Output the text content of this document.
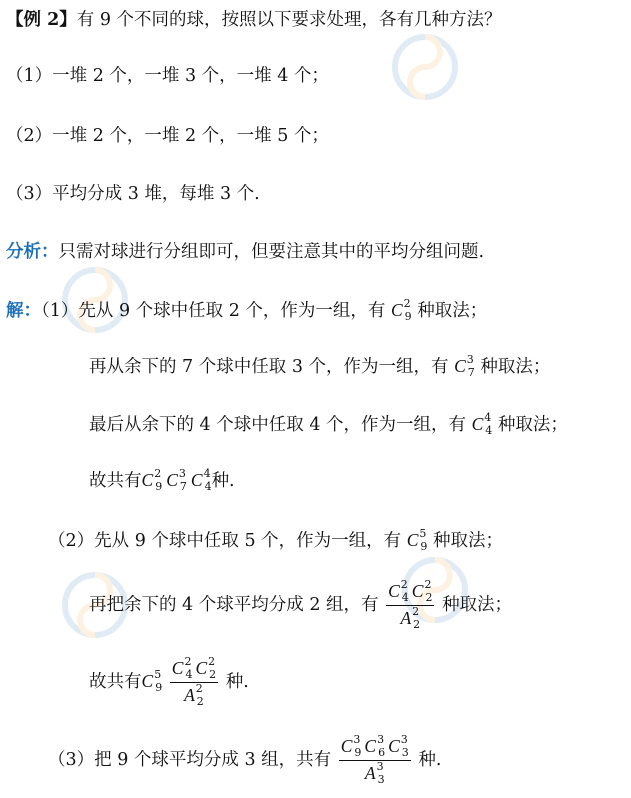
【例 2】有 9 个不同的球，按照以下要求处理，各有几种方法？
（1）一堆 2 个，一堆 3 个，一堆 4 个；
（2）一堆 2 个，一堆 2 个，一堆 5 个；
（3）平均分成 3 堆，每堆 3 个.
分析：只需对球进行分组即可，但要注意其中的平均分组问题.
解：（1）先从 9 个球中任取 2 个，作为一组，有 $C^2_9$ 种取法；
再从余下的 7 个球中任取 3 个，作为一组，有 $C^3_7$ 种取法；
最后从余下的 4 个球中任取 4 个，作为一组，有 $C^4_4$ 种取法；
故共有$C^2_9$ $C^3_7$ $C^4_4$种.
（2）先从 9 个球中任取 5 个，作为一组，有 $C^5_9$ 种取法；
再把余下的 4 个球平均分成 2 组，有 $\frac{C^2_4 C^2_2}{A^2_2}$ 种取法；
故共有$C^5_9 \frac{C^2_4 C^2_2}{A^2_2}$ 种.
（3）把 9 个球平均分成 3 组，共有 $\frac{C^3_9 C^3_6 C^3_3}{A^3_3}$ 种.
